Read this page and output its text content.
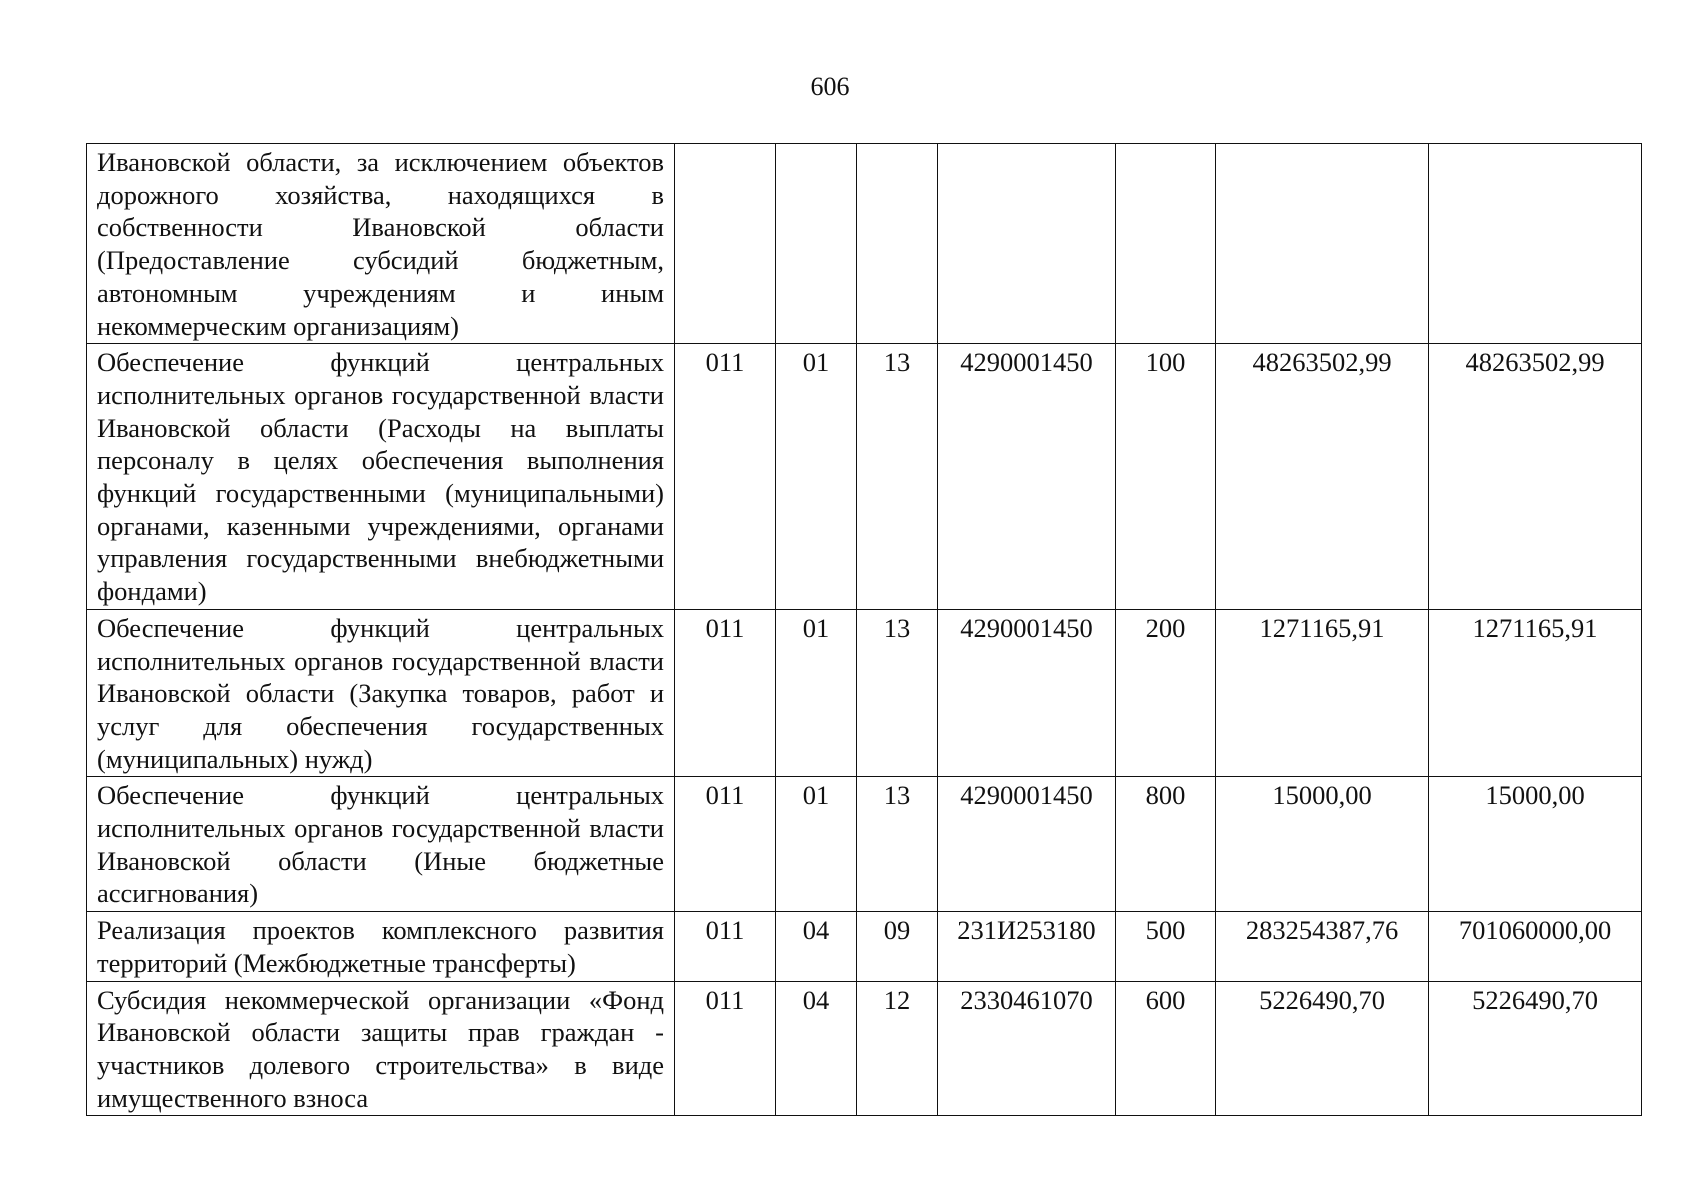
606
Ивановской области, за исключением объектов дорожного хозяйства, находящихся в собственности Ивановской области (Предоставление субсидий бюджетным, автономным учреждениям и иным некоммерческим организациям)							
Обеспечение функций центральных исполнительных органов государственной власти Ивановской области (Расходы на выплаты персоналу в целях обеспечения выполнения функций государственными (муниципальными) органами, казенными учреждениями, органами управления государственными внебюджетными фондами)	011	01	13	4290001450	100	48263502,99	48263502,99
Обеспечение функций центральных исполнительных органов государственной власти Ивановской области (Закупка товаров, работ и услуг для обеспечения государственных (муниципальных) нужд)	011	01	13	4290001450	200	1271165,91	1271165,91
Обеспечение функций центральных исполнительных органов государственной власти Ивановской области (Иные бюджетные ассигнования)	011	01	13	4290001450	800	15000,00	15000,00
Реализация проектов комплексного развития территорий (Межбюджетные трансферты)	011	04	09	231И253180	500	283254387,76	701060000,00
Субсидия некоммерческой организации «Фонд Ивановской области защиты прав граждан - участников долевого строительства» в виде имущественного взноса	011	04	12	2330461070	600	5226490,70	5226490,70
